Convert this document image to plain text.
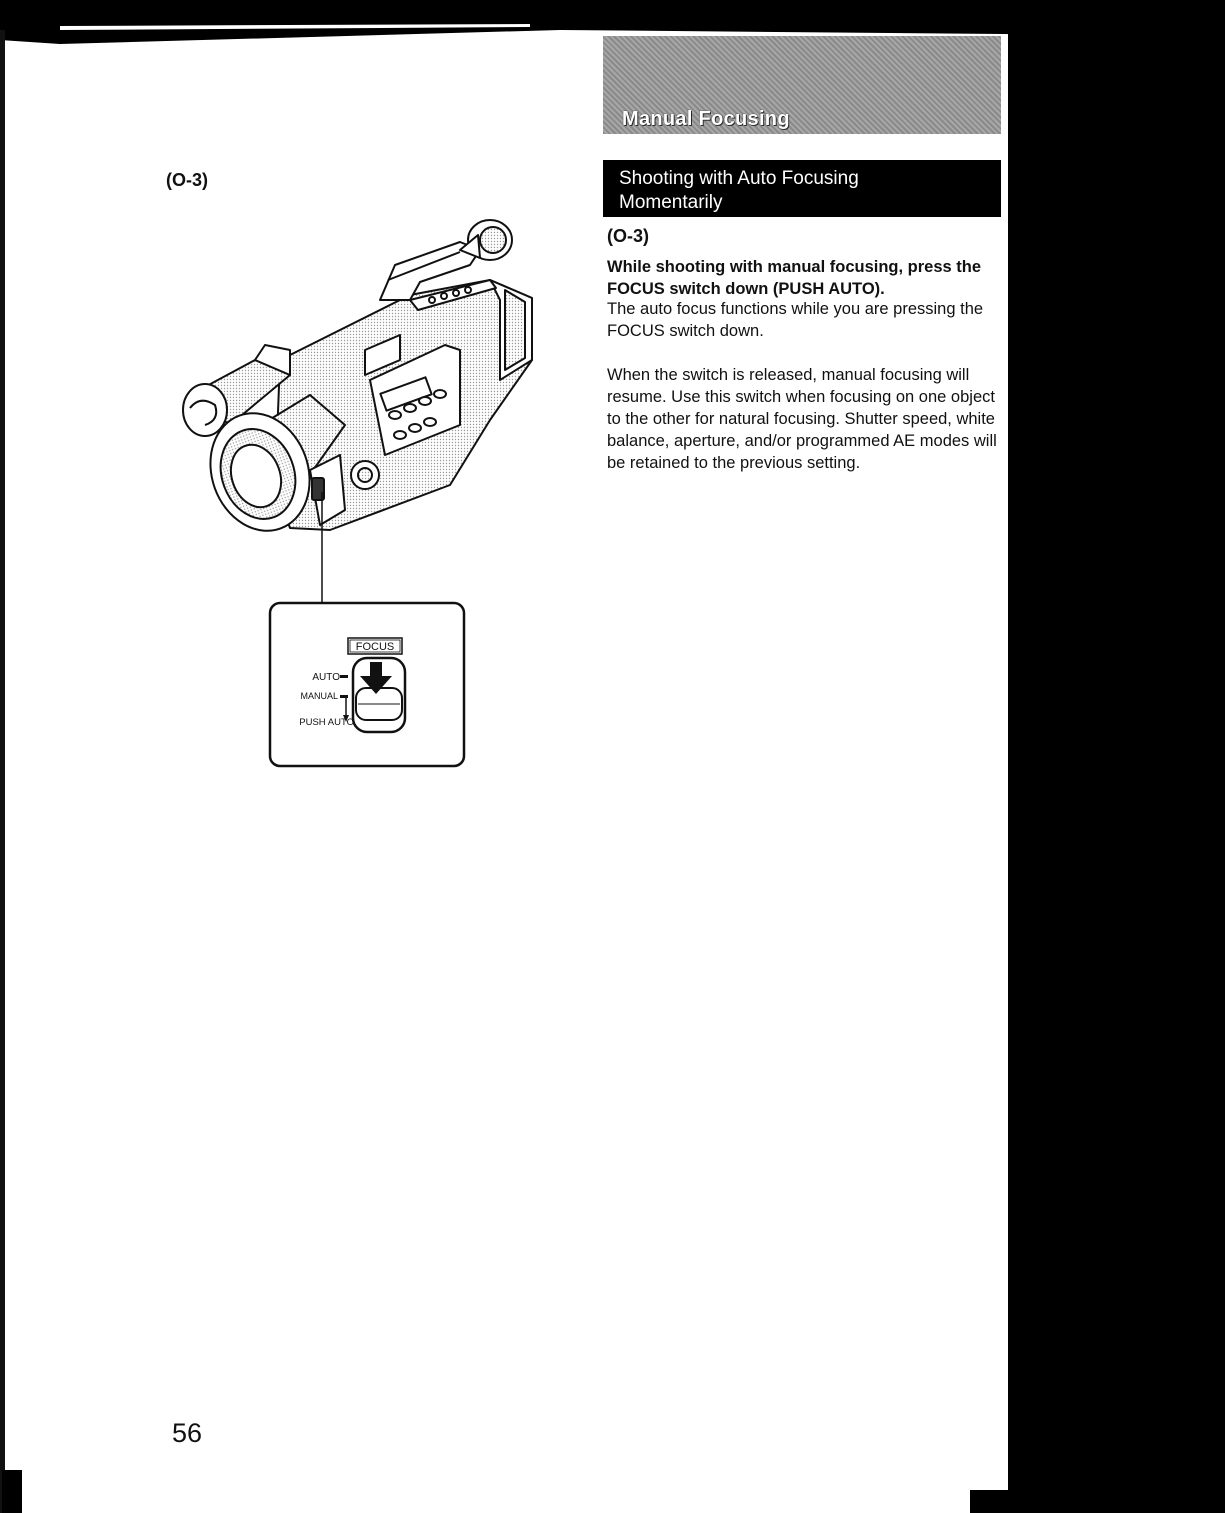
Manual Focusing
Shooting with Auto Focusing
Momentarily
(O-3)
(O-3)
While shooting with manual focusing, press the FOCUS switch down (PUSH AUTO).

The auto focus functions while you are pressing the FOCUS switch down.

When the switch is released, manual focusing will resume. Use this switch when focusing on one object to the other for natural focusing. Shutter speed, white balance, aperture, and/or programmed AE modes will be retained to the previous setting.

FOCUS
AUTO
MANUAL
PUSH AUTO
56
